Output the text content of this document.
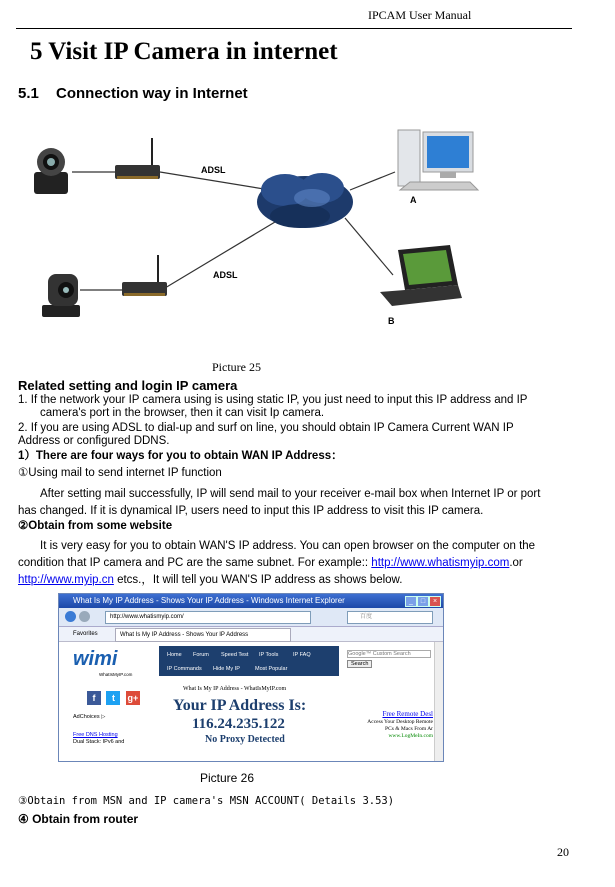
IPCAM User Manual
5 Visit IP Camera in internet
5.1 Connection way in Internet
ADSL
ADSL
A
B
Picture 25
Related setting and login IP camera
1. If the network your IP camera using is using static IP, you just need to input this IP address and IP
camera's port in the browser, then it can visit Ip camera.
2. If you are using ADSL to dial-up and surf on line, you should obtain IP Camera Current WAN IP
Address or configured DDNS.
1）There are four ways for you to obtain WAN IP Address：
①Using mail to send internet IP function
After setting mail successfully, IP will send mail to your receiver e-mail box when Internet IP or port
has changed. If it is dynamical IP, users need to input this IP address to visit this IP camera.
②Obtain from some website
It is very easy for you to obtain WAN'S IP address. You can open browser on the computer on the
condition that IP camera and PC are the same subnet. For example:: http://www.whatismyip.com.or
http://www.myip.cn etcs.，It will tell you WAN'S IP address as shows below.
What Is My IP Address - Shows Your IP Address - Windows Internet Explorer	_	□	×
http://www.whatismyip.com/	百度
Favorites	What Is My IP Address - Shows Your IP Address
wimi
WhatIsMyIP.com
Home Forum Speed Test IP Tools	IP FAQ
IP Commands Hide My IP	Most Popular
Google™ Custom Search
Search
f t g+
What Is My IP Address - WhatIsMyIP.com
Your IP Address Is:
116.24.235.122
No Proxy Detected
AdChoices ▷
Free DNS Hosting
Dual Stack: IPv6 and
Free Remote Desl
Access Your Desktop Remote
PCs & Macs From Ar
www.LogMeIn.com
Picture 26
③Obtain from MSN and IP camera's MSN ACCOUNT( Details 3.53)
④ Obtain from router
20
